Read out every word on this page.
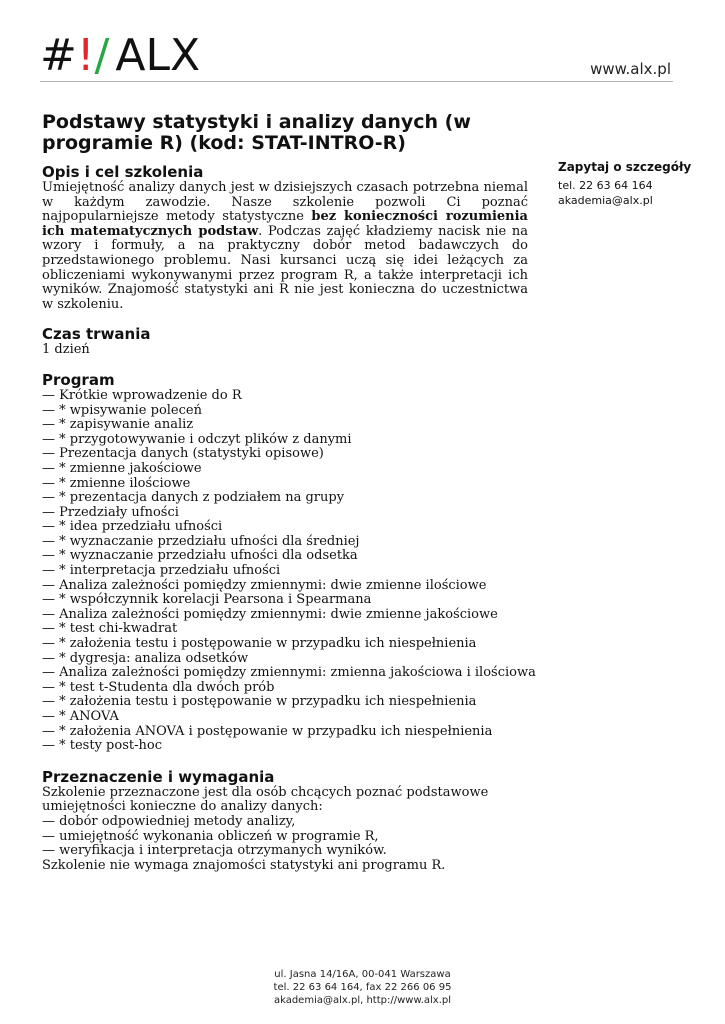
#!/ ALX	www.alx.pl
Podstawy statystyki i analizy danych (w programie R) (kod: STAT-INTRO-R)
Zapytaj o szczegóły
tel. 22 63 64 164
akademia@alx.pl
Opis i cel szkolenia

Umiejętność analizy danych jest w dzisiejszych czasach potrzebna niemal w każdym zawodzie. Nasze szkolenie pozwoli Ci poznać najpopularniejsze metody statystyczne bez konieczności rozumienia ich matematycznych podstaw. Podczas zajęć kładziemy nacisk nie na wzory i formuły, a na praktyczny dobór metod badawczych do przedstawionego problemu. Nasi kursanci uczą się idei leżących za obliczeniami wykonywanymi przez program R, a także interpretacji ich wyników. Znajomość statystyki ani R nie jest konieczna do uczestnictwa w szkoleniu.

Czas trwania

1 dzień

Program
— Krótkie wprowadzenie do R
— * wpisywanie poleceń
— * zapisywanie analiz
— * przygotowywanie i odczyt plików z danymi
— Prezentacja danych (statystyki opisowe)
— * zmienne jakościowe
— * zmienne ilościowe
— * prezentacja danych z podziałem na grupy
— Przedziały ufności
— * idea przedziału ufności
— * wyznaczanie przedziału ufności dla średniej
— * wyznaczanie przedziału ufności dla odsetka
— * interpretacja przedziału ufności
— Analiza zależności pomiędzy zmiennymi: dwie zmienne ilościowe
— * współczynnik korelacji Pearsona i Spearmana
— Analiza zależności pomiędzy zmiennymi: dwie zmienne jakościowe
— * test chi-kwadrat
— * założenia testu i postępowanie w przypadku ich niespełnienia
— * dygresja: analiza odsetków
— Analiza zależności pomiędzy zmiennymi: zmienna jakościowa i ilościowa
— * test t-Studenta dla dwóch prób
— * założenia testu i postępowanie w przypadku ich niespełnienia
— * ANOVA
— * założenia ANOVA i postępowanie w przypadku ich niespełnienia
— * testy post-hoc
Przeznaczenie i wymagania

Szkolenie przeznaczone jest dla osób chcących poznać podstawowe umiejętności konieczne do analizy danych:

— dobór odpowiedniej metody analizy,
— umiejętność wykonania obliczeń w programie R,
— weryfikacja i interpretacja otrzymanych wyników.

Szkolenie nie wymaga znajomości statystyki ani programu R.

ul. Jasna 14/16A, 00-041 Warszawa
tel. 22 63 64 164, fax 22 266 06 95
akademia@alx.pl, http://www.alx.pl
